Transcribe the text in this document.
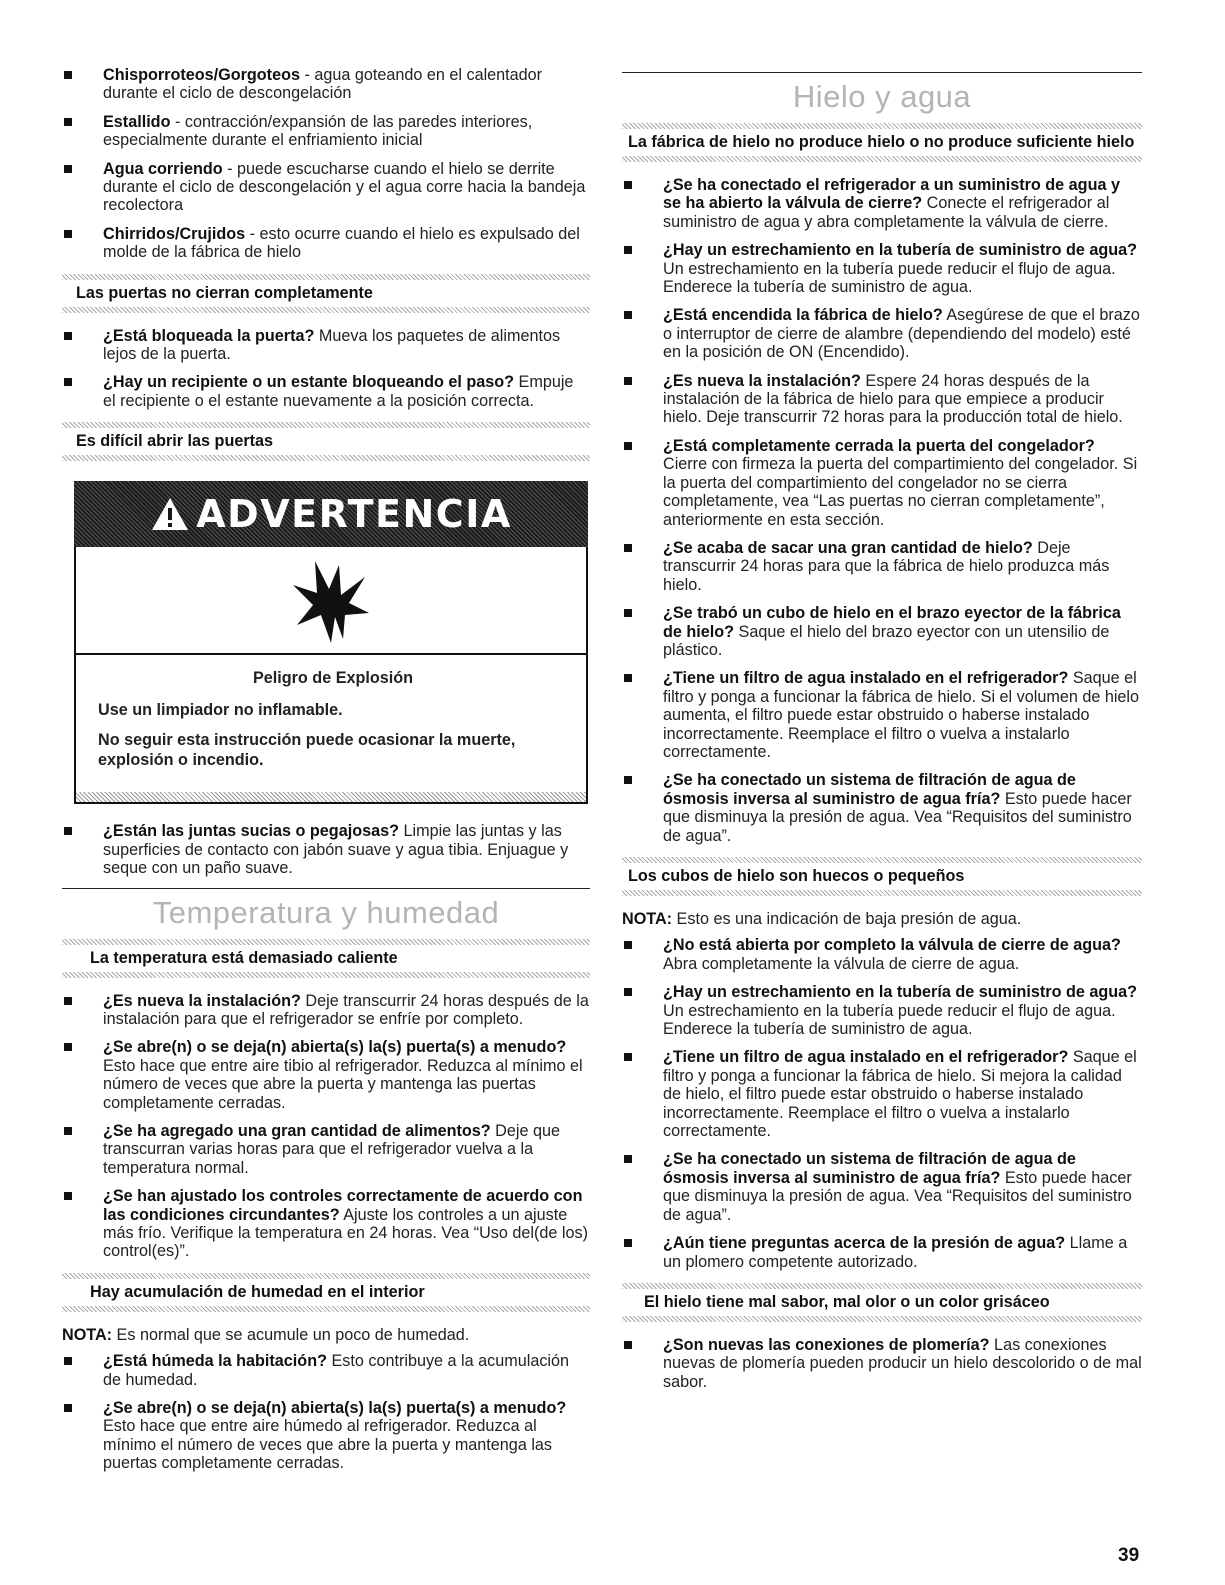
Chisporroteos/Gorgoteos - agua goteando en el calentador durante el ciclo de descongelación
Estallido - contracción/expansión de las paredes interiores, especialmente durante el enfriamiento inicial
Agua corriendo - puede escucharse cuando el hielo se derrite durante el ciclo de descongelación y el agua corre hacia la bandeja recolectora
Chirridos/Crujidos - esto ocurre cuando el hielo es expulsado del molde de la fábrica de hielo
Las puertas no cierran completamente
¿Está bloqueada la puerta? Mueva los paquetes de alimentos lejos de la puerta.
¿Hay un recipiente o un estante bloqueando el paso? Empuje el recipiente o el estante nuevamente a la posición correcta.
Es difícil abrir las puertas
ADVERTENCIA
Peligro de Explosión
Use un limpiador no inflamable.
No seguir esta instrucción puede ocasionar la muerte, explosión o incendio.
¿Están las juntas sucias o pegajosas? Limpie las juntas y las superficies de contacto con jabón suave y agua tibia. Enjuague y seque con un paño suave.
Temperatura y humedad
La temperatura está demasiado caliente
¿Es nueva la instalación? Deje transcurrir 24 horas después de la instalación para que el refrigerador se enfríe por completo.
¿Se abre(n) o se deja(n) abierta(s) la(s) puerta(s) a menudo? Esto hace que entre aire tibio al refrigerador. Reduzca al mínimo el número de veces que abre la puerta y mantenga las puertas completamente cerradas.
¿Se ha agregado una gran cantidad de alimentos? Deje que transcurran varias horas para que el refrigerador vuelva a la temperatura normal.
¿Se han ajustado los controles correctamente de acuerdo con las condiciones circundantes? Ajuste los controles a un ajuste más frío. Verifique la temperatura en 24 horas. Vea “Uso del(de los) control(es)”.
Hay acumulación de humedad en el interior

NOTA: Es normal que se acumule un poco de humedad.

¿Está húmeda la habitación? Esto contribuye a la acumulación de humedad.
¿Se abre(n) o se deja(n) abierta(s) la(s) puerta(s) a menudo? Esto hace que entre aire húmedo al refrigerador. Reduzca al mínimo el número de veces que abre la puerta y mantenga las puertas completamente cerradas.
Hielo y agua
La fábrica de hielo no produce hielo o no produce suficiente hielo
¿Se ha conectado el refrigerador a un suministro de agua y se ha abierto la válvula de cierre? Conecte el refrigerador al suministro de agua y abra completamente la válvula de cierre.
¿Hay un estrechamiento en la tubería de suministro de agua? Un estrechamiento en la tubería puede reducir el flujo de agua. Enderece la tubería de suministro de agua.
¿Está encendida la fábrica de hielo? Asegúrese de que el brazo o interruptor de cierre de alambre (dependiendo del modelo) esté en la posición de ON (Encendido).
¿Es nueva la instalación? Espere 24 horas después de la instalación de la fábrica de hielo para que empiece a producir hielo. Deje transcurrir 72 horas para la producción total de hielo.
¿Está completamente cerrada la puerta del congelador? Cierre con firmeza la puerta del compartimiento del congelador. Si la puerta del compartimiento del congelador no se cierra completamente, vea “Las puertas no cierran completamente”, anteriormente en esta sección.
¿Se acaba de sacar una gran cantidad de hielo? Deje transcurrir 24 horas para que la fábrica de hielo produzca más hielo.
¿Se trabó un cubo de hielo en el brazo eyector de la fábrica de hielo? Saque el hielo del brazo eyector con un utensilio de plástico.
¿Tiene un filtro de agua instalado en el refrigerador? Saque el filtro y ponga a funcionar la fábrica de hielo. Si el volumen de hielo aumenta, el filtro puede estar obstruido o haberse instalado incorrectamente. Reemplace el filtro o vuelva a instalarlo correctamente.
¿Se ha conectado un sistema de filtración de agua de ósmosis inversa al suministro de agua fría? Esto puede hacer que disminuya la presión de agua. Vea “Requisitos del suministro de agua”.
Los cubos de hielo son huecos o pequeños

NOTA: Esto es una indicación de baja presión de agua.

¿No está abierta por completo la válvula de cierre de agua? Abra completamente la válvula de cierre de agua.
¿Hay un estrechamiento en la tubería de suministro de agua? Un estrechamiento en la tubería puede reducir el flujo de agua. Enderece la tubería de suministro de agua.
¿Tiene un filtro de agua instalado en el refrigerador? Saque el filtro y ponga a funcionar la fábrica de hielo. Si mejora la calidad de hielo, el filtro puede estar obstruido o haberse instalado incorrectamente. Reemplace el filtro o vuelva a instalarlo correctamente.
¿Se ha conectado un sistema de filtración de agua de ósmosis inversa al suministro de agua fría? Esto puede hacer que disminuya la presión de agua. Vea “Requisitos del suministro de agua”.
¿Aún tiene preguntas acerca de la presión de agua? Llame a un plomero competente autorizado.
El hielo tiene mal sabor, mal olor o un color grisáceo
¿Son nuevas las conexiones de plomería? Las conexiones nuevas de plomería pueden producir un hielo descolorido o de mal sabor.
39
